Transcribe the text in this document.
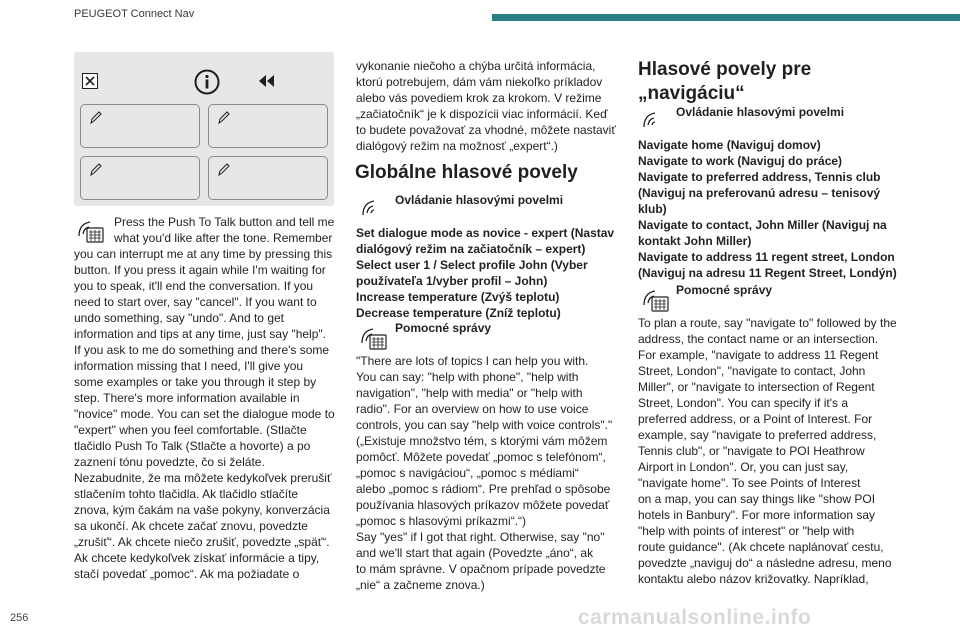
PEUGEOT Connect Nav

Press the Push To Talk button and tell me

what you'd like after the tone. Remember

you can interrupt me at any time by pressing this

button. If you press it again while I'm waiting for

you to speak, it'll end the conversation. If you

need to start over, say "cancel". If you want to

undo something, say "undo". And to get

information and tips at any time, just say "help".

If you ask to me do something and there's some

information missing that I need, I'll give you

some examples or take you through it step by

step. There's more information available in

"novice" mode. You can set the dialogue mode to

"expert" when you feel comfortable. (Stlačte

tlačidlo Push To Talk (Stlačte a hovorte) a po

zaznení tónu povedzte, čo si želáte.

Nezabudnite, že ma môžete kedykoľvek prerušiť

stlačením tohto tlačidla. Ak tlačidlo stlačíte

znova, kým čakám na vaše pokyny, konverzácia

sa ukončí. Ak chcete začať znovu, povedzte

„zrušiť“. Ak chcete niečo zrušiť, povedzte „späť“.

Ak chcete kedykoľvek získať informácie a tipy,

stačí povedať „pomoc“. Ak ma požiadate o

vykonanie niečoho a chýba určitá informácia,

ktorú potrebujem, dám vám niekoľko príkladov

alebo vás povediem krok za krokom. V režime

„začiatočník“ je k dispozícii viac informácií. Keď

to budete považovať za vhodné, môžete nastaviť

dialógový režim na možnosť „expert“.)

Globálne hlasové povely
Ovládanie hlasovými povelmi

Set dialogue mode as novice - expert (Nastav

dialógový režim na začiatočník – expert)

Select user 1 / Select profile John (Vyber

používateľa 1/vyber profil – John)

Increase temperature (Zvýš teplotu)

Decrease temperature (Zníž teplotu)

Pomocné správy

"There are lots of topics I can help you with.

You can say: "help with phone", "help with

navigation", "help with media" or "help with

radio". For an overview on how to use voice

controls, you can say "help with voice controls"."

(„Existuje množstvo tém, s ktorými vám môžem

pomôcť. Môžete povedať „pomoc s telefónom“,

„pomoc s navigáciou“, „pomoc s médiami“

alebo „pomoc s rádiom“. Pre prehľad o spôsobe

používania hlasových príkazov môžete povedať

„pomoc s hlasovými príkazmi“.“)

Say "yes" if I got that right. Otherwise, say "no"

and we'll start that again (Povedzte „áno“, ak

to mám správne. V opačnom prípade povedzte

„nie“ a začneme znova.)

Hlasové povely pre
„navigáciu“
Ovládanie hlasovými povelmi

Navigate home (Naviguj domov)

Navigate to work (Naviguj do práce)

Navigate to preferred address, Tennis club

(Naviguj na preferovanú adresu – tenisový

klub)

Navigate to contact, John Miller (Naviguj na

kontakt John Miller)

Navigate to address 11 regent street, London

(Naviguj na adresu 11 Regent Street, Londýn)

Pomocné správy

To plan a route, say "navigate to" followed by the

address, the contact name or an intersection.

For example, "navigate to address 11 Regent

Street, London", "navigate to contact, John

Miller", or "navigate to intersection of Regent

Street, London". You can specify if it's a

preferred address, or a Point of Interest. For

example, say "navigate to preferred address,

Tennis club", or "navigate to POI Heathrow

Airport in London". Or, you can just say,

"navigate home". To see Points of Interest

on a map, you can say things like "show POI

hotels in Banbury". For more information say

"help with points of interest" or "help with

route guidance". (Ak chcete naplánovať cestu,

povedzte „naviguj do“ a následne adresu, meno

kontaktu alebo názov križovatky. Napríklad,

256	carmanualsonline.info
